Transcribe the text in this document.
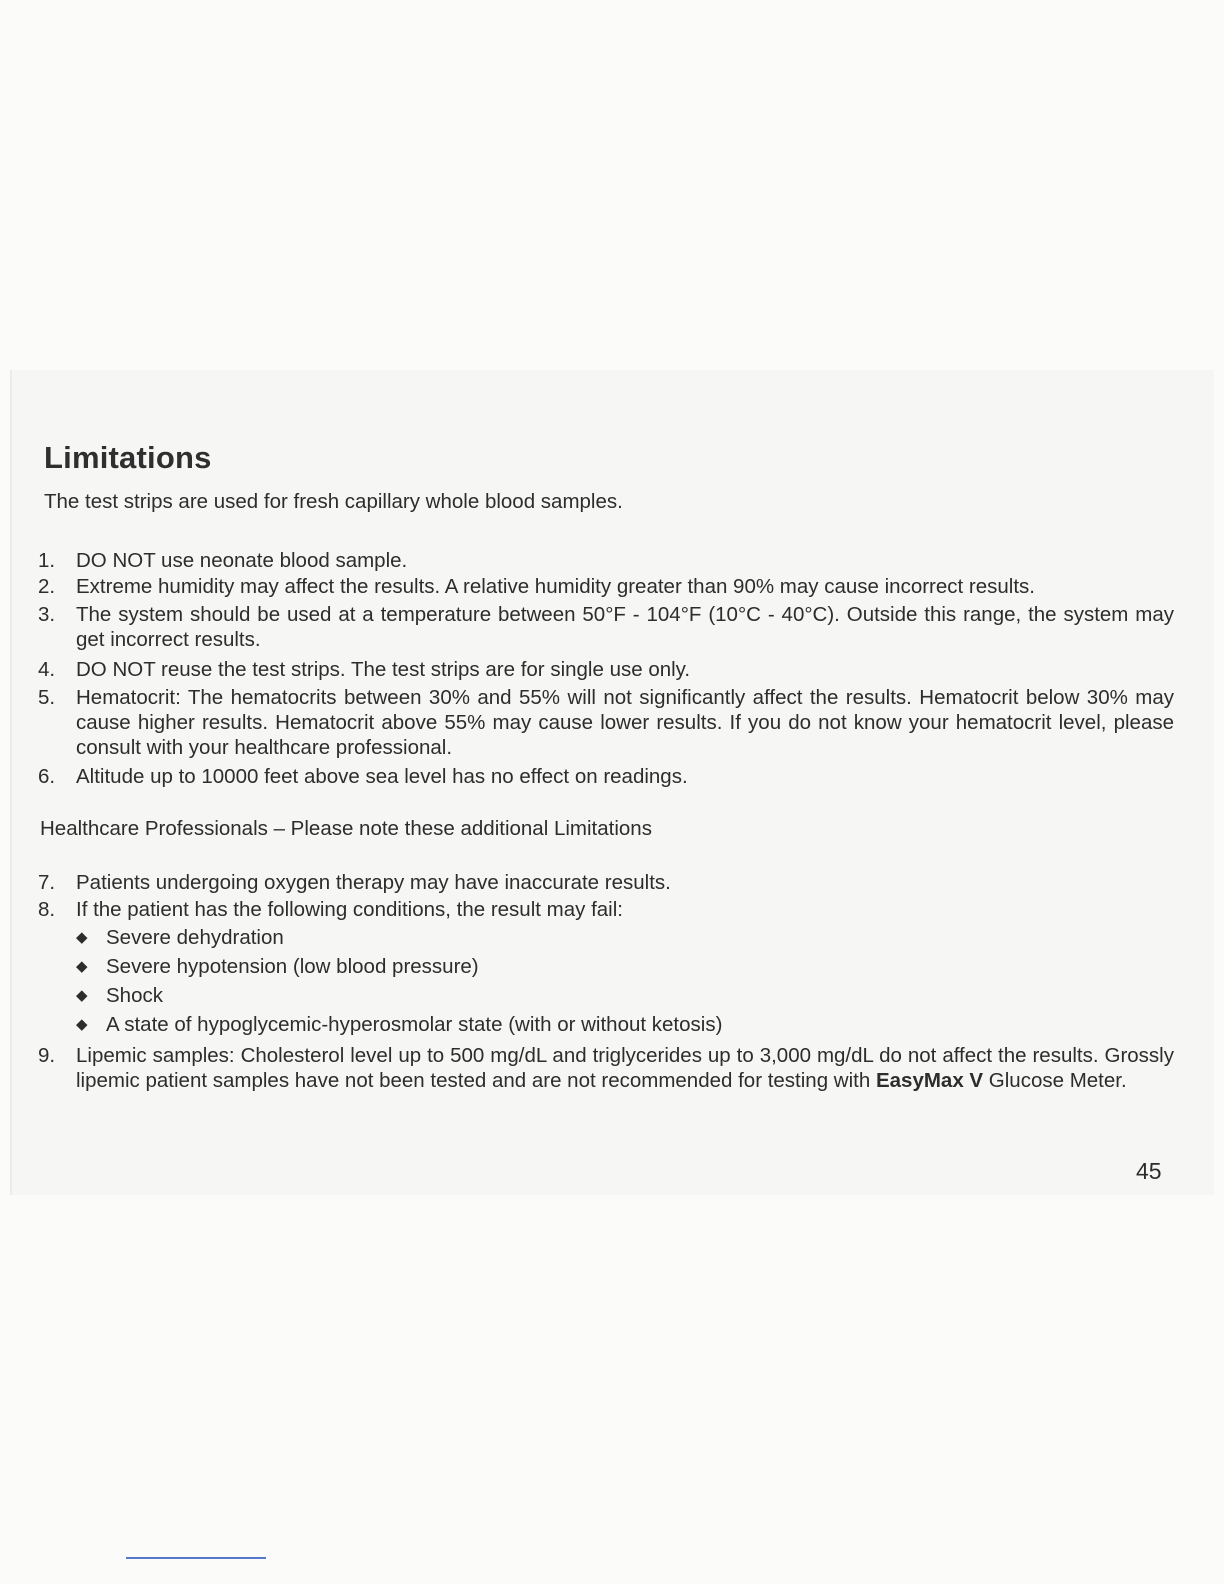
Limitations

The test strips are used for fresh capillary whole blood samples.

1.	DO NOT use neonate blood sample.
2.	Extreme humidity may affect the results. A relative humidity greater than 90% may cause incorrect results.
3.	The system should be used at a temperature between 50°F - 104°F (10°C - 40°C). Outside this range, the system may get incorrect results.
4.	DO NOT reuse the test strips. The test strips are for single use only.
5.	Hematocrit: The hematocrits between 30% and 55% will not significantly affect the results. Hematocrit below 30% may cause higher results. Hematocrit above 55% may cause lower results. If you do not know your hematocrit level, please consult with your healthcare professional.
6.	Altitude up to 10000 feet above sea level has no effect on readings.

Healthcare Professionals – Please note these additional Limitations

7.	Patients undergoing oxygen therapy may have inaccurate results.
8.	If the patient has the following conditions, the result may fail:
◆ Severe dehydration
◆ Severe hypotension (low blood pressure)
◆ Shock
◆ A state of hypoglycemic-hyperosmolar state (with or without ketosis)
9.	Lipemic samples: Cholesterol level up to 500 mg/dL and triglycerides up to 3,000 mg/dL do not affect the results. Grossly lipemic patient samples have not been tested and are not recommended for testing with EasyMax V Glucose Meter.

45
